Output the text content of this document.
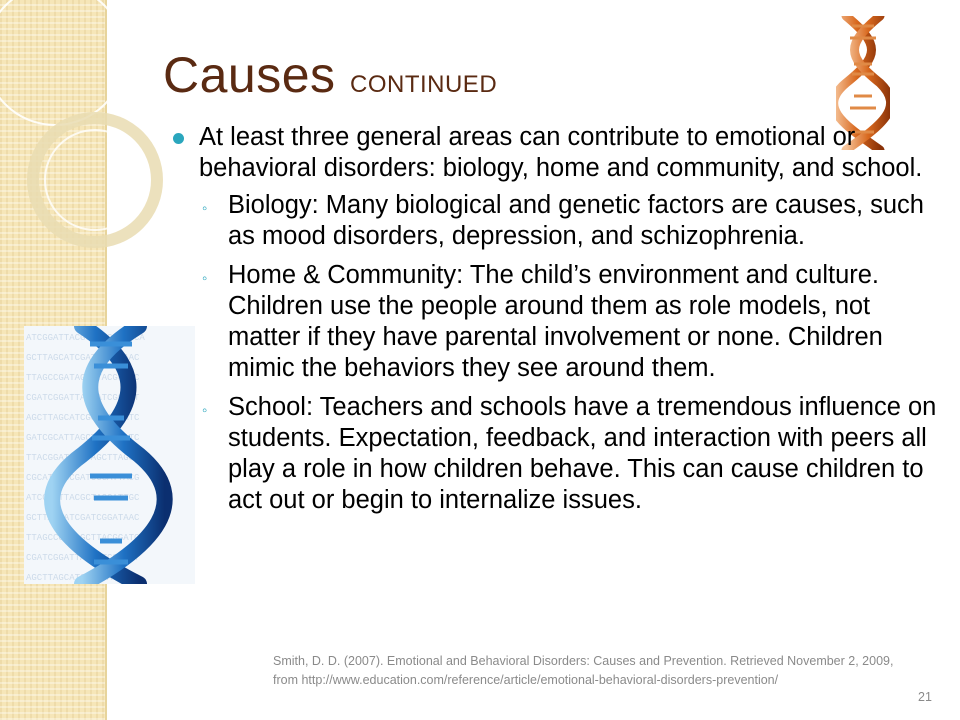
Causes CONTINUED
ATCGGATTACGCTAGCATTGCA
GCTTAGCATCGATCGGATAAC
TTAGCCGATAGCTTACGGATC
CGATCGGATTACGATCGCATT
AGCTTAGCATCGGATACGATC
GATCGCATTAGCTTACGGATC
TTACGGATCGATAGCTTAGCA
CGCATTAGCGATCGGATTACG
ATCGGATTACGCTAGCATTGC
GCTTAGCATCGATCGGATAAC
TTAGCCGATAGCTTACGGATC
CGATCGGATTACGATCGCATT
AGCTTAGCATCGGATACGATC
At least three general areas can contribute to emotional or behavioral disorders: biology, home and community, and school.
◦ Biology: Many biological and genetic factors are causes, such as mood disorders, depression, and schizophrenia.
◦ Home & Community: The child’s environment and culture. Children use the people around them as role models, not matter if they have parental involvement or none. Children mimic the behaviors they see around them.
◦ School: Teachers and schools have a tremendous influence on students. Expectation, feedback, and interaction with peers all play a role in how children behave. This can cause children to act out or begin to internalize issues.
Smith, D. D. (2007). Emotional and Behavioral Disorders: Causes and Prevention. Retrieved November 2, 2009, from http://www.education.com/reference/article/emotional-behavioral-disorders-prevention/
21
